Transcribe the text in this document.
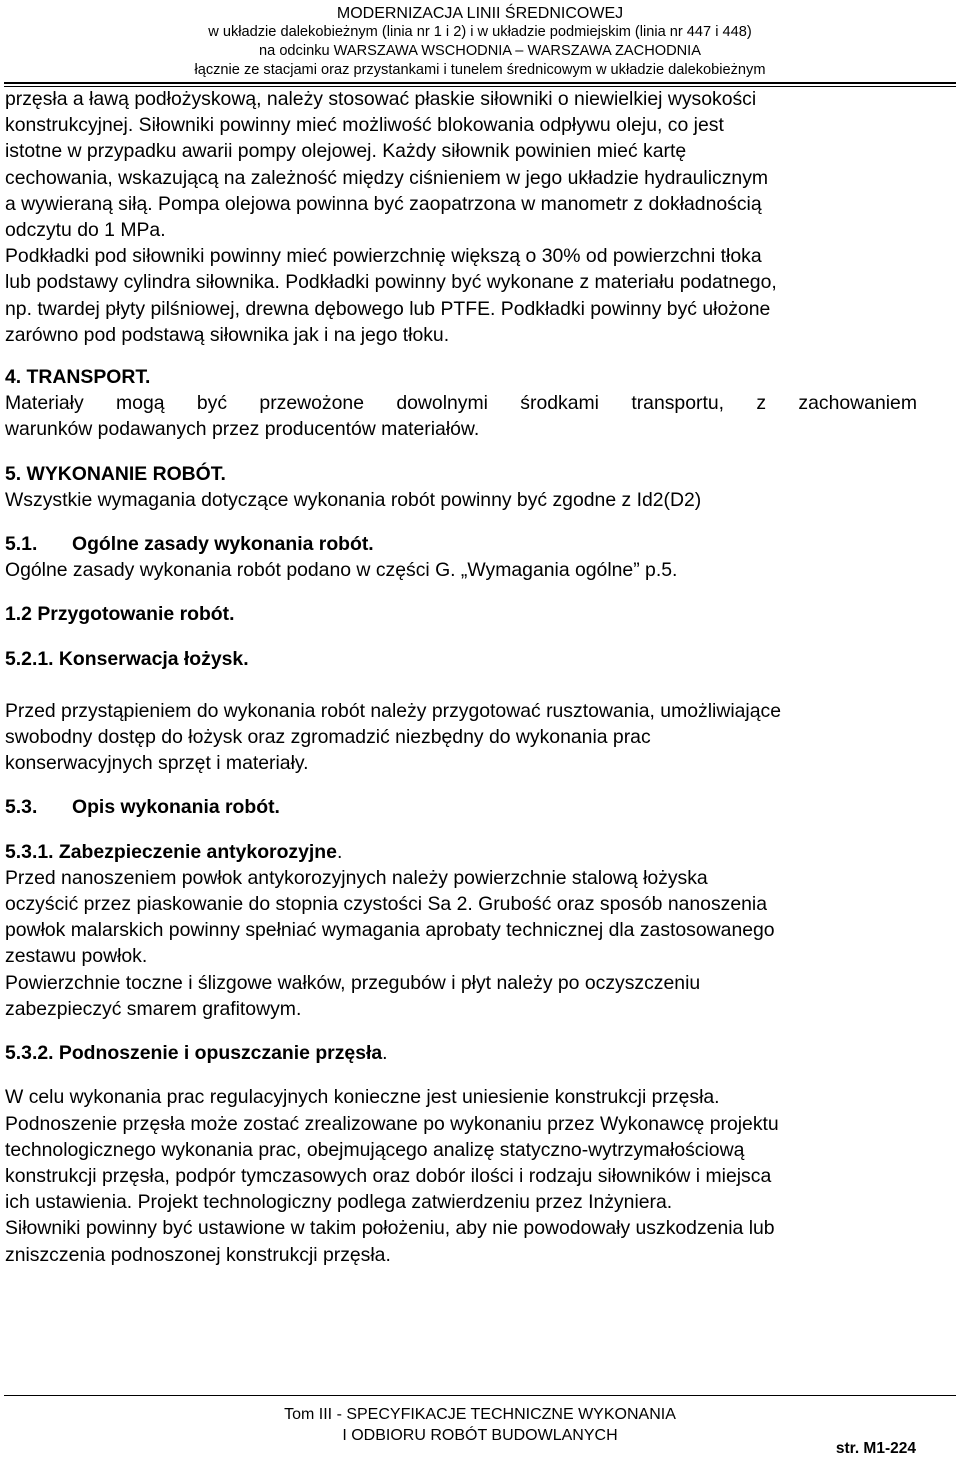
MODERNIZACJA LINII ŚREDNICOWEJ
w układzie dalekobieżnym (linia nr 1 i 2) i w układzie podmiejskim (linia nr 447 i 448)
na odcinku WARSZAWA WSCHODNIA – WARSZAWA ZACHODNIA
łącznie ze stacjami oraz przystankami i tunelem średnicowym w układzie dalekobieżnym

przęsła a ławą podłożyskową, należy stosować płaskie siłowniki o niewielkiej wysokości

konstrukcyjnej. Siłowniki powinny mieć możliwość blokowania odpływu oleju, co jest

istotne w przypadku awarii pompy olejowej. Każdy siłownik powinien mieć kartę

cechowania, wskazującą na zależność między ciśnieniem w jego układzie hydraulicznym

a wywieraną siłą. Pompa olejowa powinna być zaopatrzona w manometr z dokładnością

odczytu do 1 MPa.

Podkładki pod siłowniki powinny mieć powierzchnię większą o 30% od powierzchni tłoka

lub podstawy cylindra siłownika. Podkładki powinny być wykonane z materiału podatnego,

np. twardej płyty pilśniowej, drewna dębowego lub PTFE. Podkładki powinny być ułożone

zarówno pod podstawą siłownika jak i na jego tłoku.

4. TRANSPORT.

Materiały mogą być przewożone dowolnymi środkami transportu, z zachowaniem

warunków podawanych przez producentów materiałów.

5. WYKONANIE ROBÓT.

Wszystkie wymagania dotyczące wykonania robót powinny być zgodne z Id2(D2)

5.1. Ogólne zasady wykonania robót.

Ogólne zasady wykonania robót podano w części G. „Wymagania ogólne” p.5.

1.2 Przygotowanie robót.

5.2.1. Konserwacja łożysk.

Przed przystąpieniem do wykonania robót należy przygotować rusztowania, umożliwiające

swobodny dostęp do łożysk oraz zgromadzić niezbędny do wykonania prac

konserwacyjnych sprzęt i materiały.

5.3. Opis wykonania robót.

5.3.1. Zabezpieczenie antykorozyjne.

Przed nanoszeniem powłok antykorozyjnych należy powierzchnie stalową łożyska

oczyścić przez piaskowanie do stopnia czystości Sa 2. Grubość oraz sposób nanoszenia

powłok malarskich powinny spełniać wymagania aprobaty technicznej dla zastosowanego

zestawu powłok.

Powierzchnie toczne i ślizgowe wałków, przegubów i płyt należy po oczyszczeniu

zabezpieczyć smarem grafitowym.

5.3.2. Podnoszenie i opuszczanie przęsła.

W celu wykonania prac regulacyjnych konieczne jest uniesienie konstrukcji przęsła.

Podnoszenie przęsła może zostać zrealizowane po wykonaniu przez Wykonawcę projektu

technologicznego wykonania prac, obejmującego analizę statyczno-wytrzymałościową

konstrukcji przęsła, podpór tymczasowych oraz dobór ilości i rodzaju siłowników i miejsca

ich ustawienia. Projekt technologiczny podlega zatwierdzeniu przez Inżyniera.

Siłowniki powinny być ustawione w takim położeniu, aby nie powodowały uszkodzenia lub

zniszczenia podnoszonej konstrukcji przęsła.

Tom III - SPECYFIKACJE TECHNICZNE WYKONANIA
I ODBIORU ROBÓT BUDOWLANYCH
str. M1-224
